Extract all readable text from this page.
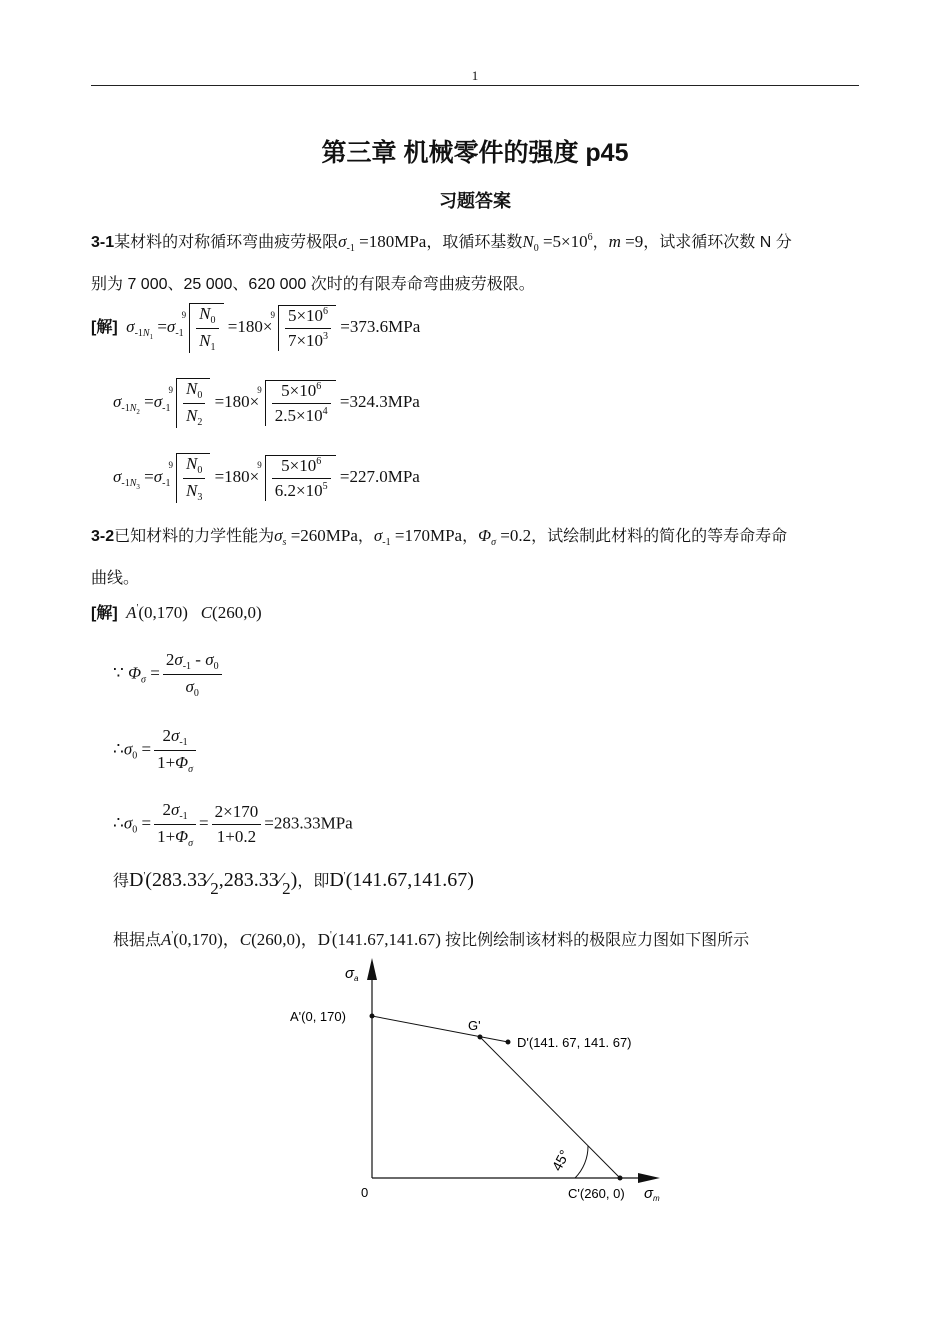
1
第三章 机械零件的强度 p45
习题答案
3-1某材料的对称循环弯曲疲劳极限$\sigma_{-1} =180MPa$，取循环基数$N_0 =5\times 10^6$，m =9，试求循环次数 N 分
别为 7 000、25 000、620 000 次时的有限寿命弯曲疲劳极限。
[解] $\sigma_{-1N_1} =\sigma_{-1}^9 \frac{N_0}{N_1} =180\times^9 \frac{5\times 10^6}{7\times 10^3} =373.6MPa$
$\sigma_{-1N_2} =\sigma_{-1}^9 \frac{N_0}{N_2} =180\times^9 \frac{5\times 10^6}{2.5\times 10^4} =324.3MPa$
$\sigma_{-1N_3} =\sigma_{-1}^9 \frac{N_0}{N_3} =180\times^9 \frac{5\times 10^6}{6.2\times 10^5} =227.0MPa$
3-2已知材料的力学性能为$\sigma_s =260MPa$，$\sigma_{-1} =170MPa$，$\Phi_\sigma =0.2$，试绘制此材料的简化的等寿命寿命
曲线。
[解] A'(0,170) C(260,0)
∵ $\Phi_\sigma = \frac{2\sigma_{-1} - \sigma_0}{\sigma_0}$
$\therefore\sigma_0 = \frac{2\sigma_{-1}}{1+\Phi_\sigma}$
$\therefore\sigma_0 = \frac{2\sigma_{-1}}{1+\Phi_\sigma} = \frac{2\times 170}{1+0.2} =283.33MPa$
得$D'(283.33⁄_2,283.33⁄_2)$，即D'(141.67,141.67)
根据点A'(0,170)，C(260,0)，D'(141.67,141.67) 按比例绘制该材料的极限应力图如下图所示
A'(0, 170)
G'
D'(141. 67, 141. 67)
C'(260, 0)
0
45°
$\sigma_a$
$\sigma_m$
